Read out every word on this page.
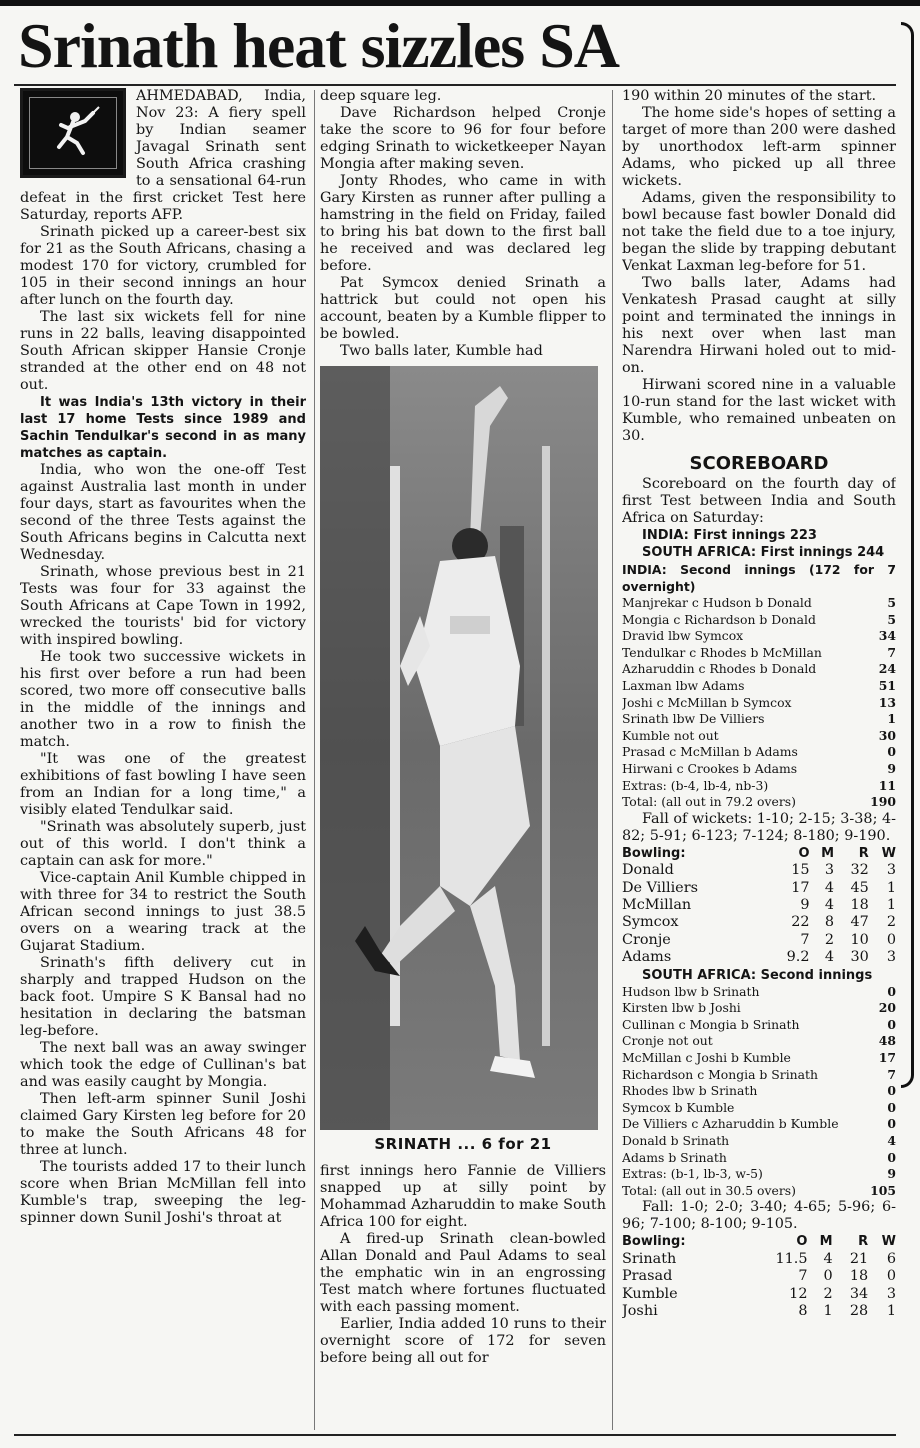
Srinath heat sizzles SA

AHMEDABAD, India, Nov 23: A fiery spell by Indian seamer Javagal Srinath sent South Africa crashing to a sensational 64-run defeat in the first cricket Test here Saturday, reports AFP.

Srinath picked up a career-best six for 21 as the South Africans, chasing a modest 170 for victory, crumbled for 105 in their second innings an hour after lunch on the fourth day.

The last six wickets fell for nine runs in 22 balls, leaving disappointed South African skipper Hansie Cronje stranded at the other end on 48 not out.

It was India's 13th victory in their last 17 home Tests since 1989 and Sachin Tendulkar's second in as many matches as captain.

India, who won the one-off Test against Australia last month in under four days, start as favourites when the second of the three Tests against the South Africans begins in Calcutta next Wednesday.

Srinath, whose previous best in 21 Tests was four for 33 against the South Africans at Cape Town in 1992, wrecked the tourists' bid for victory with inspired bowling.

He took two successive wickets in his first over before a run had been scored, two more off consecutive balls in the middle of the innings and another two in a row to finish the match.

"It was one of the greatest exhibitions of fast bowling I have seen from an Indian for a long time," a visibly elated Tendulkar said.

"Srinath was absolutely superb, just out of this world. I don't think a captain can ask for more."

Vice-captain Anil Kumble chipped in with three for 34 to restrict the South African second innings to just 38.5 overs on a wearing track at the Gujarat Stadium.

Srinath's fifth delivery cut in sharply and trapped Hudson on the back foot. Umpire S K Bansal had no hesitation in declaring the batsman leg-before.

The next ball was an away swinger which took the edge of Cullinan's bat and was easily caught by Mongia.

Then left-arm spinner Sunil Joshi claimed Gary Kirsten leg before for 20 to make the South Africans 48 for three at lunch.

The tourists added 17 to their lunch score when Brian McMillan fell into Kumble's trap, sweeping the leg-spinner down Sunil Joshi's throat at

deep square leg.

Dave Richardson helped Cronje take the score to 96 for four before edging Srinath to wicketkeeper Nayan Mongia after making seven.

Jonty Rhodes, who came in with Gary Kirsten as runner after pulling a hamstring in the field on Friday, failed to bring his bat down to the first ball he received and was declared leg before.

Pat Symcox denied Srinath a hattrick but could not open his account, beaten by a Kumble flipper to be bowled.

Two balls later, Kumble had

SRINATH ... 6 for 21

first innings hero Fannie de Villiers snapped up at silly point by Mohammad Azharuddin to make South Africa 100 for eight.

A fired-up Srinath clean-bowled Allan Donald and Paul Adams to seal the emphatic win in an engrossing Test match where fortunes fluctuated with each passing moment.

Earlier, India added 10 runs to their overnight score of 172 for seven before being all out for

190 within 20 minutes of the start.

The home side's hopes of setting a target of more than 200 were dashed by unorthodox left-arm spinner Adams, who picked up all three wickets.

Adams, given the responsibility to bowl because fast bowler Donald did not take the field due to a toe injury, began the slide by trapping debutant Venkat Laxman leg-before for 51.

Two balls later, Adams had Venkatesh Prasad caught at silly point and terminated the innings in his next over when last man Narendra Hirwani holed out to mid-on.

Hirwani scored nine in a valuable 10-run stand for the last wicket with Kumble, who remained unbeaten on 30.

SCOREBOARD

Scoreboard on the fourth day of first Test between India and South Africa on Saturday:

INDIA: First innings 223

SOUTH AFRICA: First innings 244

INDIA: Second innings (172 for 7 overnight)

Manjrekar c Hudson b Donald	5
Mongia c Richardson b Donald	5
Dravid lbw Symcox	34
Tendulkar c Rhodes b McMillan	7
Azharuddin c Rhodes b Donald	24
Laxman lbw Adams	51
Joshi c McMillan b Symcox	13
Srinath lbw De Villiers	1
Kumble not out	30
Prasad c McMillan b Adams	0
Hirwani c Crookes b Adams	9
Extras: (b-4, lb-4, nb-3)	11
Total: (all out in 79.2 overs)	190

Fall of wickets: 1-10; 2-15; 3-38; 4-82; 5-91; 6-123; 7-124; 8-180; 9-190.

Bowling:	O	M	R	W
Donald	15	3	32	3
De Villiers	17	4	45	1
McMillan	9	4	18	1
Symcox	22	8	47	2
Cronje	7	2	10	0
Adams	9.2	4	30	3

SOUTH AFRICA: Second innings

Hudson lbw b Srinath	0
Kirsten lbw b Joshi	20
Cullinan c Mongia b Srinath	0
Cronje not out	48
McMillan c Joshi b Kumble	17
Richardson c Mongia b Srinath	7
Rhodes lbw b Srinath	0
Symcox b Kumble	0
De Villiers c Azharuddin b Kumble	0
Donald b Srinath	4
Adams b Srinath	0
Extras: (b-1, lb-3, w-5)	9
Total: (all out in 30.5 overs)	105

Fall: 1-0; 2-0; 3-40; 4-65; 5-96; 6-96; 7-100; 8-100; 9-105.

Bowling:	O	M	R	W
Srinath	11.5	4	21	6
Prasad	7	0	18	0
Kumble	12	2	34	3
Joshi	8	1	28	1
